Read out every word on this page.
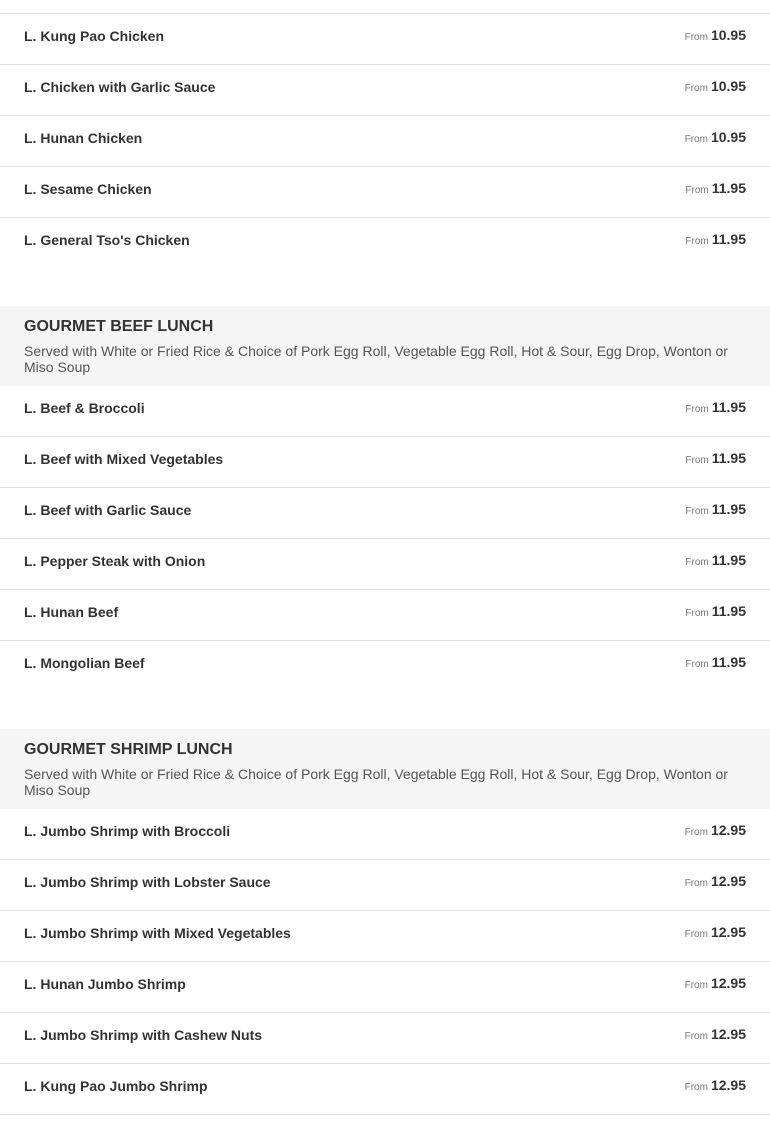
L. Kung Pao Chicken	From 10.95
L. Chicken with Garlic Sauce	From 10.95
L. Hunan Chicken	From 10.95
L. Sesame Chicken	From 11.95
L. General Tso's Chicken	From 11.95
GOURMET BEEF LUNCH
Served with White or Fried Rice & Choice of Pork Egg Roll, Vegetable Egg Roll, Hot & Sour, Egg Drop, Wonton or Miso Soup
L. Beef & Broccoli	From 11.95
L. Beef with Mixed Vegetables	From 11.95
L. Beef with Garlic Sauce	From 11.95
L. Pepper Steak with Onion	From 11.95
L. Hunan Beef	From 11.95
L. Mongolian Beef	From 11.95
GOURMET SHRIMP LUNCH
Served with White or Fried Rice & Choice of Pork Egg Roll, Vegetable Egg Roll, Hot & Sour, Egg Drop, Wonton or Miso Soup
L. Jumbo Shrimp with Broccoli	From 12.95
L. Jumbo Shrimp with Lobster Sauce	From 12.95
L. Jumbo Shrimp with Mixed Vegetables	From 12.95
L. Hunan Jumbo Shrimp	From 12.95
L. Jumbo Shrimp with Cashew Nuts	From 12.95
L. Kung Pao Jumbo Shrimp	From 12.95
